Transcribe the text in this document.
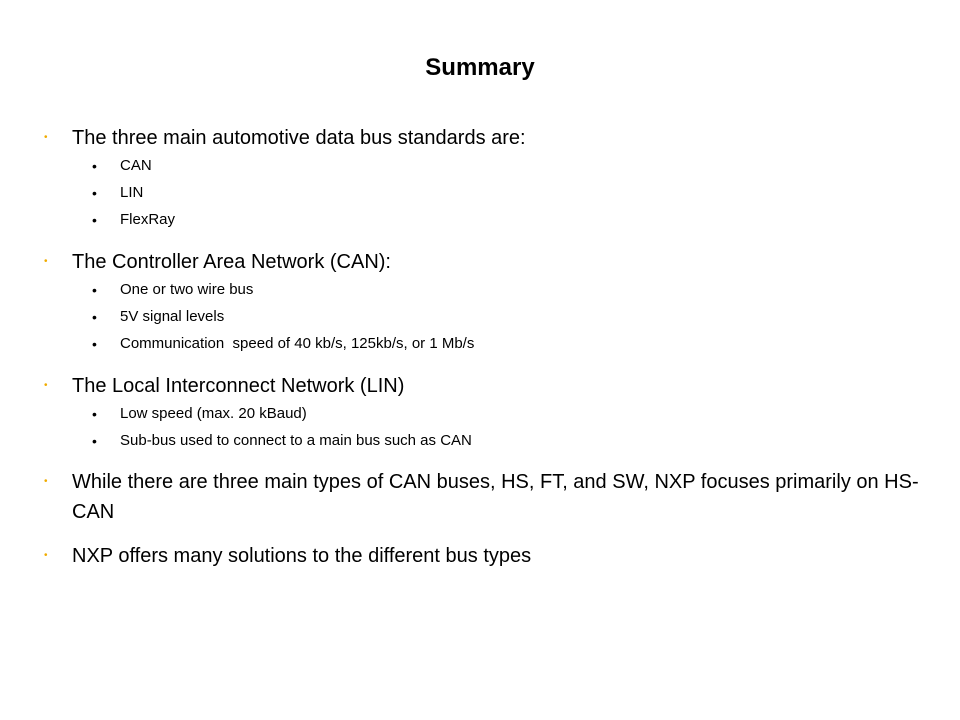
Summary
• The three main automotive data bus standards are:
• CAN
• LIN
• FlexRay
• The Controller Area Network (CAN):
• One or two wire bus
• 5V signal levels
• Communication  speed of 40 kb/s, 125kb/s, or 1 Mb/s
• The Local Interconnect Network (LIN)
• Low speed (max. 20 kBaud)
• Sub-bus used to connect to a main bus such as CAN
• While there are three main types of CAN buses, HS, FT, and SW, NXP focuses primarily on HS-CAN
• NXP offers many solutions to the different bus types
